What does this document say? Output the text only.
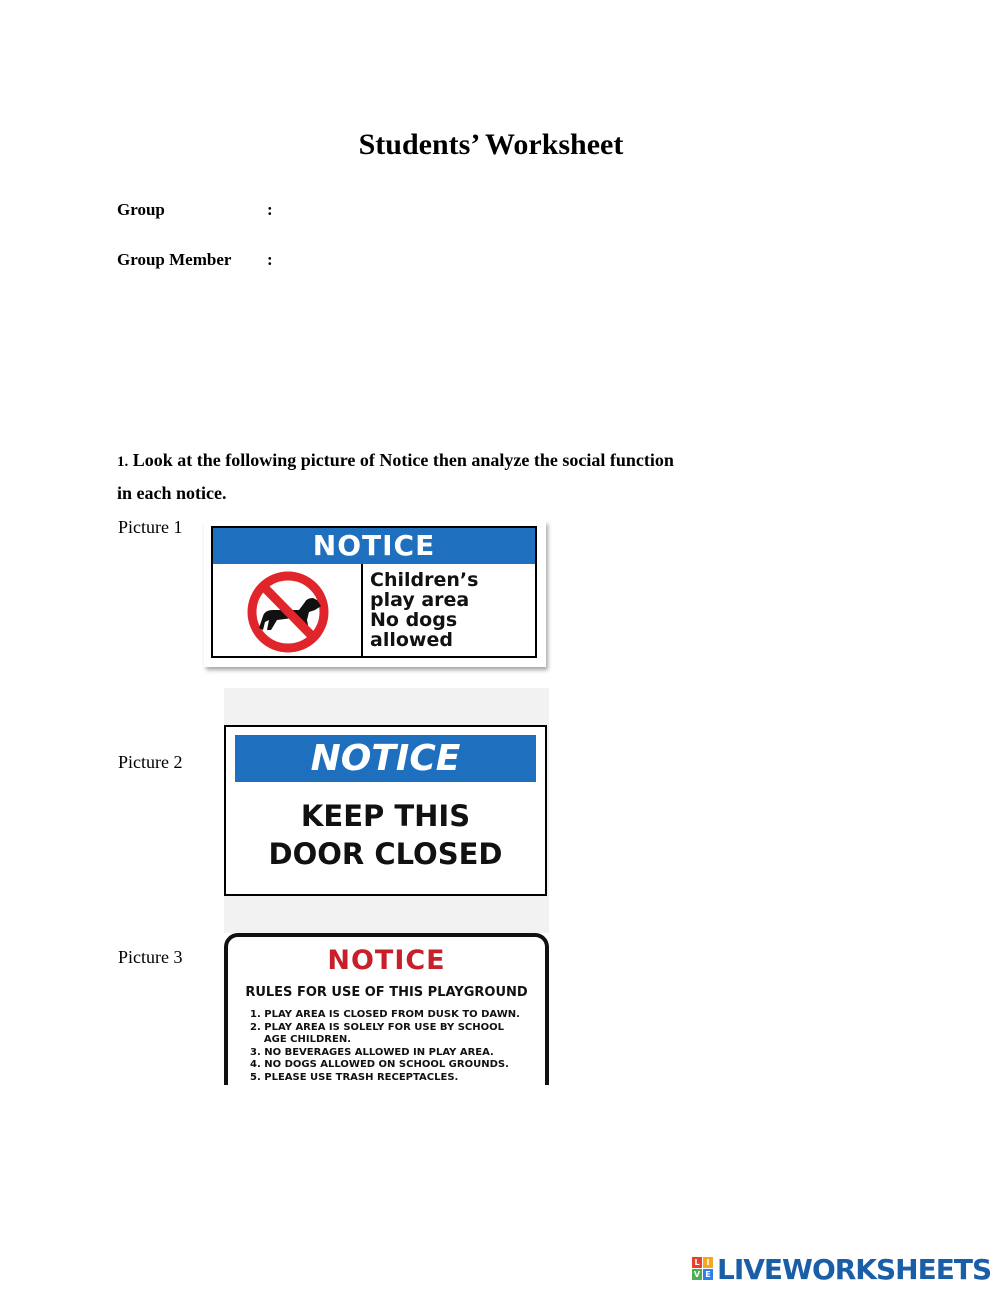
Students’ Worksheet
Group	:
Group Member :
1. Look at the following picture of Notice then analyze the social function
in each notice.
Picture 1
NOTICE
Children’s
play area
No dogs
allowed
Picture 2	NOTICE
KEEP THIS
DOOR CLOSED
Picture 3	NOTICE
RULES FOR USE OF THIS PLAYGROUND
1. PLAY AREA IS CLOSED FROM DUSK TO DAWN.
2. PLAY AREA IS SOLELY FOR USE BY SCHOOL
AGE CHILDREN.
3. NO BEVERAGES ALLOWED IN PLAY AREA.
4. NO DOGS ALLOWED ON SCHOOL GROUNDS.
5. PLEASE USE TRASH RECEPTACLES.
L I
V E LIVEWORKSHEETS
